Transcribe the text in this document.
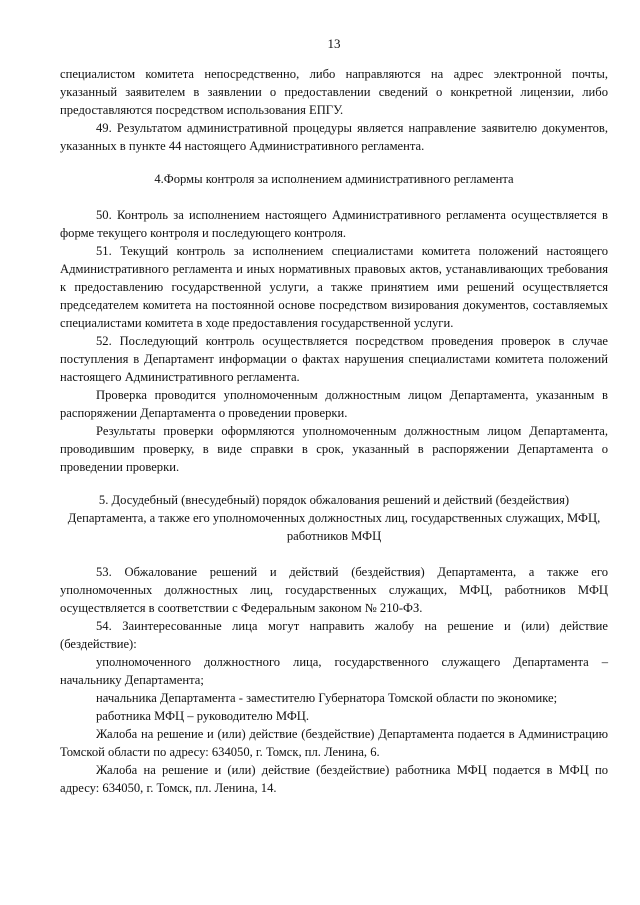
13

специалистом комитета непосредственно, либо направляются на адрес электронной почты, указанный заявителем в заявлении о предоставлении сведений о конкретной лицензии, либо предоставляются посредством использования ЕПГУ.

49. Результатом административной процедуры является направление заявителю документов, указанных в пункте 44 настоящего Административного регламента.

4.Формы контроля за исполнением административного регламента

50. Контроль за исполнением настоящего Административного регламента осуществляется в форме текущего контроля и последующего контроля.

51. Текущий контроль за исполнением специалистами комитета положений настоящего Административного регламента и иных нормативных правовых актов, устанавливающих требования к предоставлению государственной услуги, а также принятием ими решений осуществляется председателем комитета на постоянной основе посредством визирования документов, составляемых специалистами комитета в ходе предоставления государственной услуги.

52. Последующий контроль осуществляется посредством проведения проверок в случае поступления в Департамент информации о фактах нарушения специалистами комитета положений настоящего Административного регламента.

Проверка проводится уполномоченным должностным лицом Департамента, указанным в распоряжении Департамента о проведении проверки.

Результаты проверки оформляются уполномоченным должностным лицом Департамента, проводившим проверку, в виде справки в срок, указанный в распоряжении Департамента о проведении проверки.

5. Досудебный (внесудебный) порядок обжалования решений и действий (бездействия) Департамента, а также его уполномоченных должностных лиц, государственных служащих, МФЦ, работников МФЦ

53. Обжалование решений и действий (бездействия) Департамента, а также его уполномоченных должностных лиц, государственных служащих, МФЦ, работников МФЦ осуществляется в соответствии с Федеральным законом № 210-ФЗ.

54. Заинтересованные лица могут направить жалобу на решение и (или) действие (бездействие):

уполномоченного должностного лица, государственного служащего Департамента – начальнику Департамента;

начальника Департамента - заместителю Губернатора Томской области по экономике;

работника МФЦ – руководителю МФЦ.

Жалоба на решение и (или) действие (бездействие) Департамента подается в Администрацию Томской области по адресу: 634050, г. Томск, пл. Ленина, 6.

Жалоба на решение и (или) действие (бездействие) работника МФЦ подается в МФЦ по адресу: 634050, г. Томск, пл. Ленина, 14.
